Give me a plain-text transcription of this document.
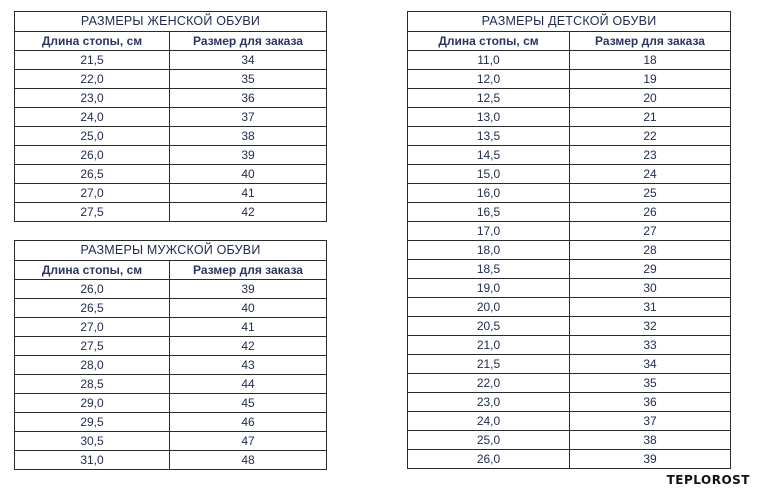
РАЗМЕРЫ ЖЕНСКОЙ ОБУВИ	
Длина стопы, см	Размер для заказа
21,5	34
22,0	35
23,0	36
24,0	37
25,0	38
26,0	39
26,5	40
27,0	41
27,5	42
РАЗМЕРЫ МУЖСКОЙ ОБУВИ	
Длина стопы, см	Размер для заказа
26,0	39
26,5	40
27,0	41
27,5	42
28,0	43
28,5	44
29,0	45
29,5	46
30,5	47
31,0	48
РАЗМЕРЫ ДЕТСКОЙ ОБУВИ	
Длина стопы, см	Размер для заказа
11,0	18
12,0	19
12,5	20
13,0	21
13,5	22
14,5	23
15,0	24
16,0	25
16,5	26
17,0	27
18,0	28
18,5	29
19,0	30
20,0	31
20,5	32
21,0	33
21,5	34
22,0	35
23,0	36
24,0	37
25,0	38
26,0	39
TEPLOROST
